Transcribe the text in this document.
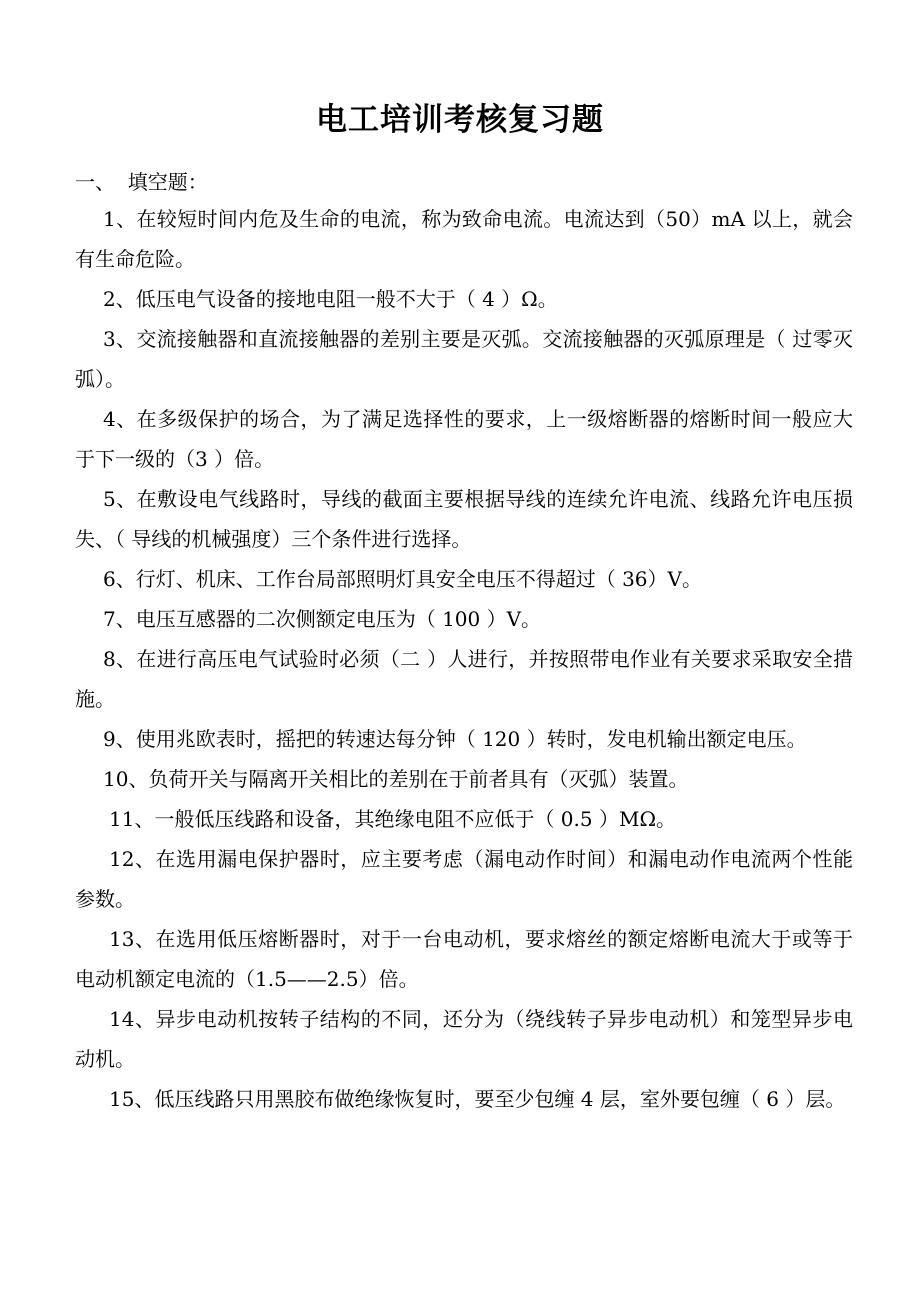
电工培训考核复习题
一、  填空题：

1、在较短时间内危及生命的电流，称为致命电流。电流达到（50）mA 以上，就会有生命危险。

2、低压电气设备的接地电阻一般不大于（ 4 ）Ω。

3、交流接触器和直流接触器的差别主要是灭弧。交流接触器的灭弧原理是（ 过零灭弧）。

4、在多级保护的场合，为了满足选择性的要求，上一级熔断器的熔断时间一般应大于下一级的（3 ）倍。

5、在敷设电气线路时，导线的截面主要根据导线的连续允许电流、线路允许电压损失、（ 导线的机械强度）三个条件进行选择。

6、行灯、机床、工作台局部照明灯具安全电压不得超过（ 36）V。

7、电压互感器的二次侧额定电压为（ 100 ）V。

8、在进行高压电气试验时必须（二 ）人进行，并按照带电作业有关要求采取安全措施。

9、使用兆欧表时，摇把的转速达每分钟（ 120 ）转时，发电机输出额定电压。

10、负荷开关与隔离开关相比的差别在于前者具有（灭弧）装置。

11、一般低压线路和设备，其绝缘电阻不应低于（ 0.5 ）MΩ。

12、在选用漏电保护器时，应主要考虑（漏电动作时间）和漏电动作电流两个性能参数。

13、在选用低压熔断器时，对于一台电动机，要求熔丝的额定熔断电流大于或等于电动机额定电流的（1.5——2.5）倍。

14、异步电动机按转子结构的不同，还分为（绕线转子异步电动机）和笼型异步电动机。

15、低压线路只用黑胶布做绝缘恢复时，要至少包缠 4 层，室外要包缠（ 6 ）层。
